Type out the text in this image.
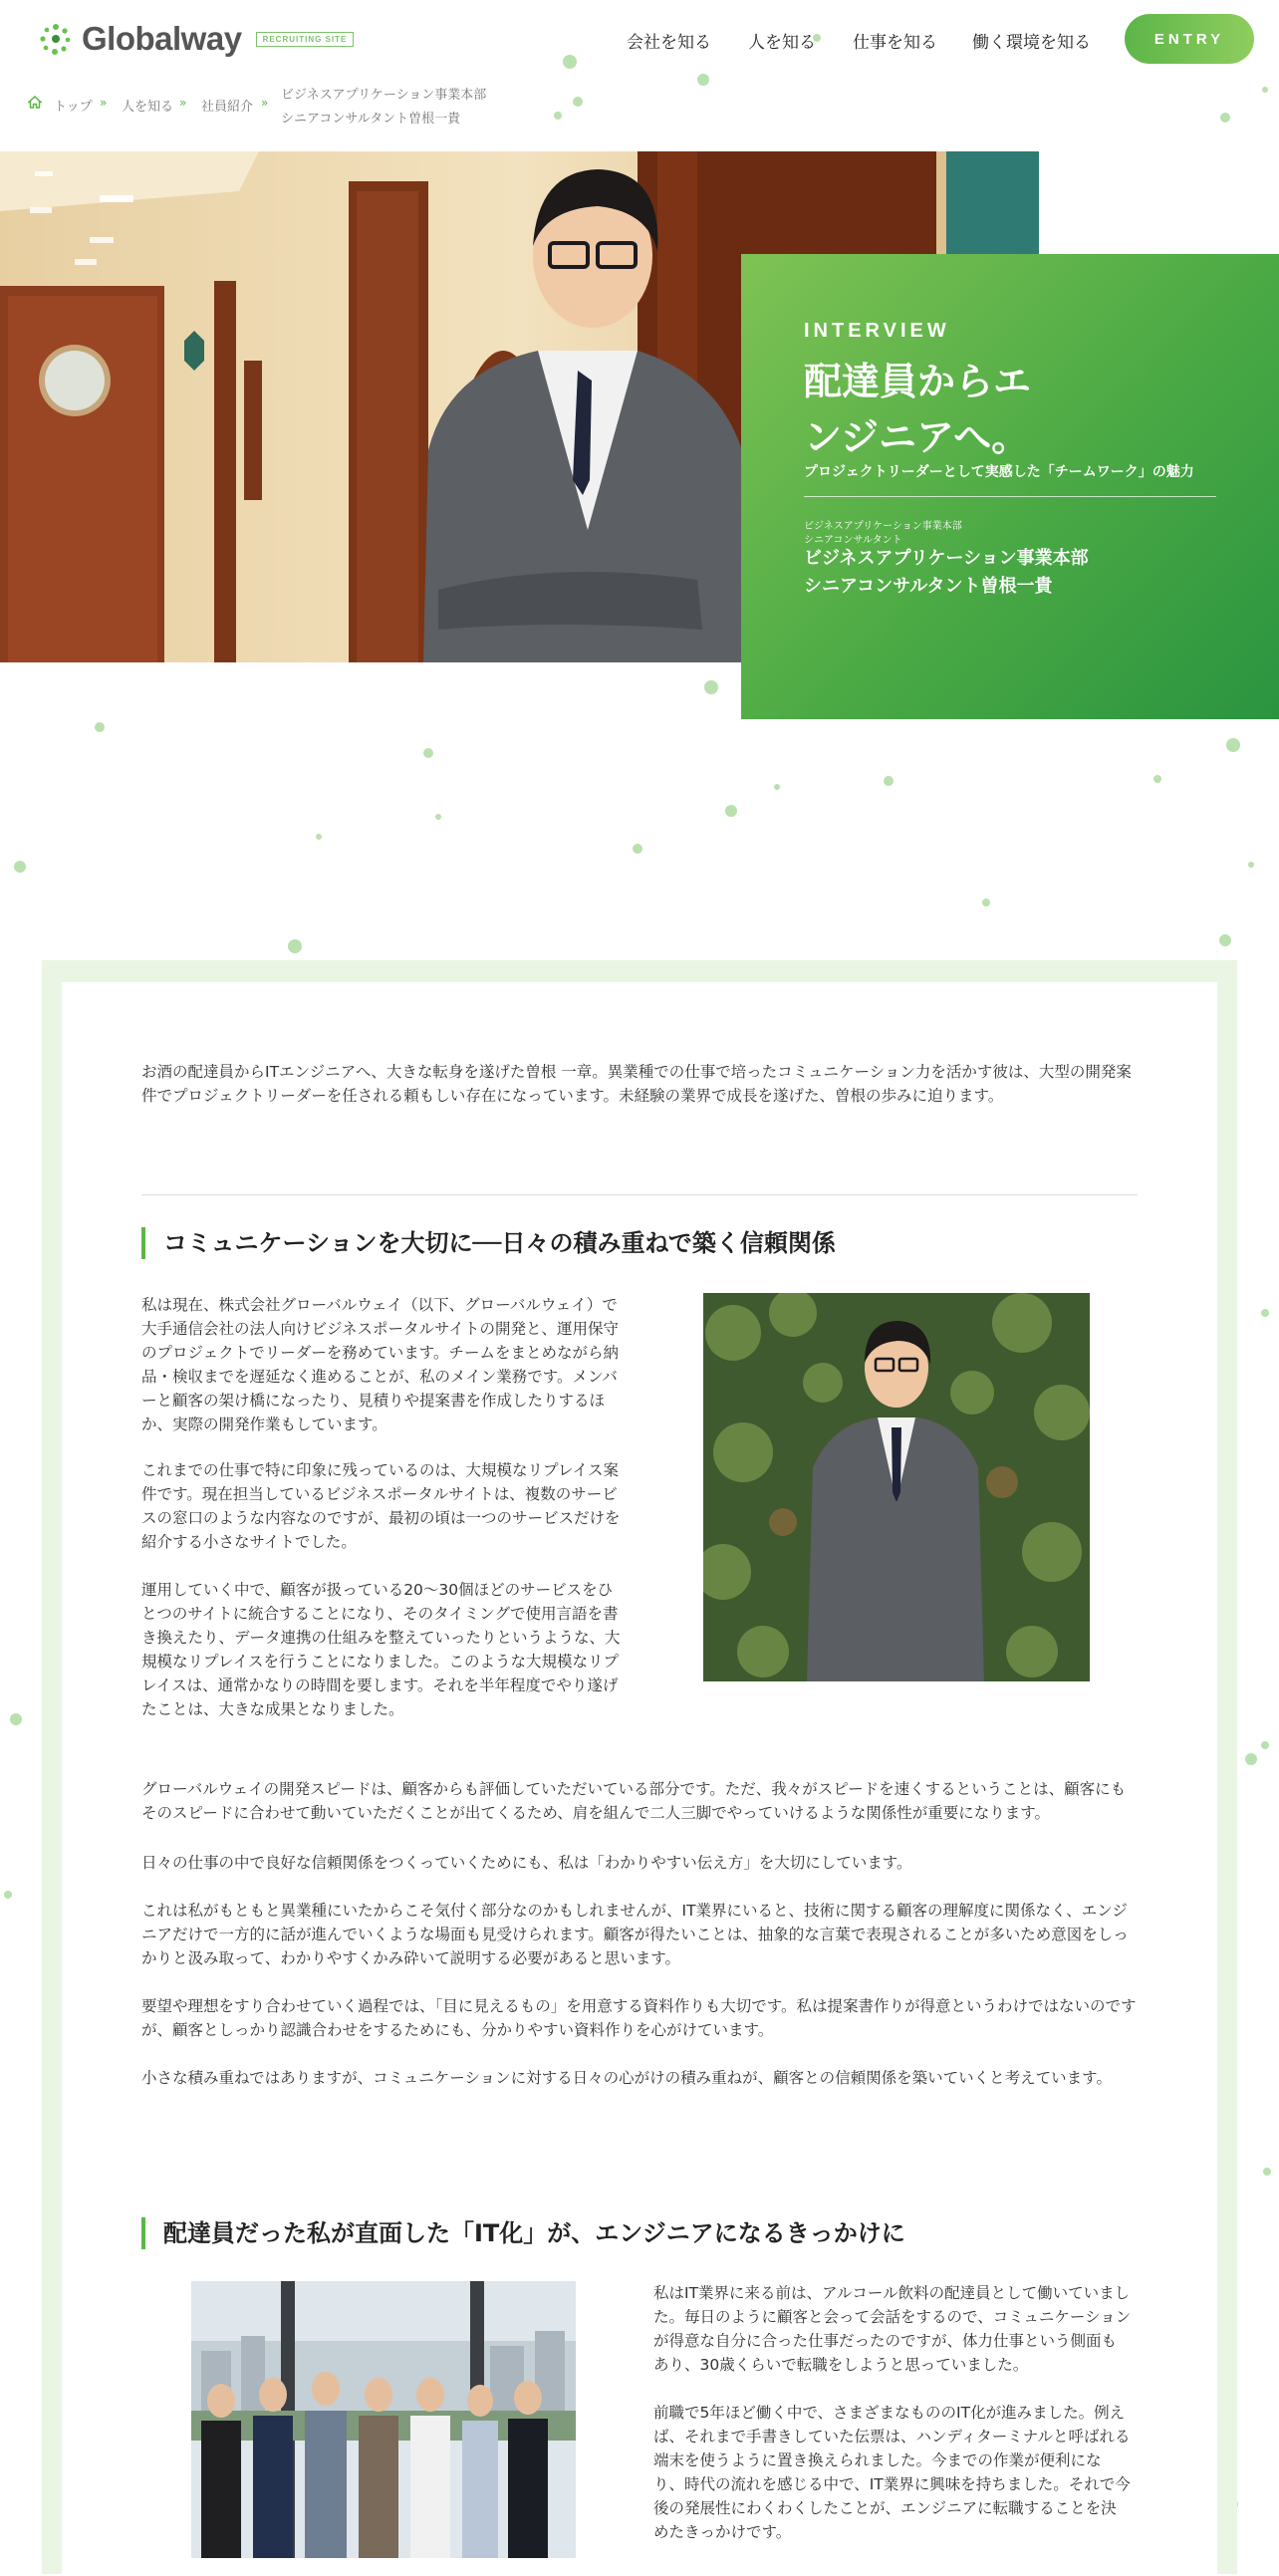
Globalway	RECRUITING SITE	会社を知る 人を知る 仕事を知る 働く環境を知る	ENTRY
トップ » 人を知る » 社員紹介 » ビジネスアプリケーション事業本部
シニアコンサルタント曽根一貴
INTERVIEW
配達員からエンジニアへ。
プロジェクトリーダーとして実感した「チームワーク」の魅力
ビジネスアプリケーション事業本部
シニアコンサルタント
ビジネスアプリケーション事業本部
シニアコンサルタント曽根一貴
お酒の配達員からITエンジニアへ、大きな転身を遂げた曽根 一章。異業種での仕事で培ったコミュニケーション力を活かす彼は、大型の開発案件でプロジェクトリーダーを任される頼もしい存在になっています。未経験の業界で成長を遂げた、曽根の歩みに迫ります。
コミュニケーションを大切に──日々の積み重ねで築く信頼関係
私は現在、株式会社グローバルウェイ（以下、グローバルウェイ）で大手通信会社の法人向けビジネスポータルサイトの開発と、運用保守のプロジェクトでリーダーを務めています。チームをまとめながら納品・検収までを遅延なく進めることが、私のメイン業務です。メンバーと顧客の架け橋になったり、見積りや提案書を作成したりするほか、実際の開発作業もしています。
これまでの仕事で特に印象に残っているのは、大規模なリプレイス案件です。現在担当しているビジネスポータルサイトは、複数のサービスの窓口のような内容なのですが、最初の頃は一つのサービスだけを紹介する小さなサイトでした。
運用していく中で、顧客が扱っている20〜30個ほどのサービスをひとつのサイトに統合することになり、そのタイミングで使用言語を書き換えたり、データ連携の仕組みを整えていったりというような、大規模なリプレイスを行うことになりました。このような大規模なリプレイスは、通常かなりの時間を要します。それを半年程度でやり遂げたことは、大きな成果となりました。
グローバルウェイの開発スピードは、顧客からも評価していただいている部分です。ただ、我々がスピードを速くするということは、顧客にもそのスピードに合わせて動いていただくことが出てくるため、肩を組んで二人三脚でやっていけるような関係性が重要になります。
日々の仕事の中で良好な信頼関係をつくっていくためにも、私は「わかりやすい伝え方」を大切にしています。
これは私がもともと異業種にいたからこそ気付く部分なのかもしれませんが、IT業界にいると、技術に関する顧客の理解度に関係なく、エンジニアだけで一方的に話が進んでいくような場面も見受けられます。顧客が得たいことは、抽象的な言葉で表現されることが多いため意図をしっかりと汲み取って、わかりやすくかみ砕いて説明する必要があると思います。
要望や理想をすり合わせていく過程では、「目に見えるもの」を用意する資料作りも大切です。私は提案書作りが得意というわけではないのですが、顧客としっかり認識合わせをするためにも、分かりやすい資料作りを心がけています。
小さな積み重ねではありますが、コミュニケーションに対する日々の心がけの積み重ねが、顧客との信頼関係を築いていくと考えています。
配達員だった私が直面した「IT化」が、エンジニアになるきっかけに
私はIT業界に来る前は、アルコール飲料の配達員として働いていました。毎日のように顧客と会って会話をするので、コミュニケーションが得意な自分に合った仕事だったのですが、体力仕事という側面もあり、30歳くらいで転職をしようと思っていました。
前職で5年ほど働く中で、さまざまなもののIT化が進みました。例えば、それまで手書きしていた伝票は、ハンディターミナルと呼ばれる端末を使うように置き換えられました。今までの作業が便利になり、時代の流れを感じる中で、IT業界に興味を持ちました。それで今後の発展性にわくわくしたことが、エンジニアに転職することを決めたきっかけです。
